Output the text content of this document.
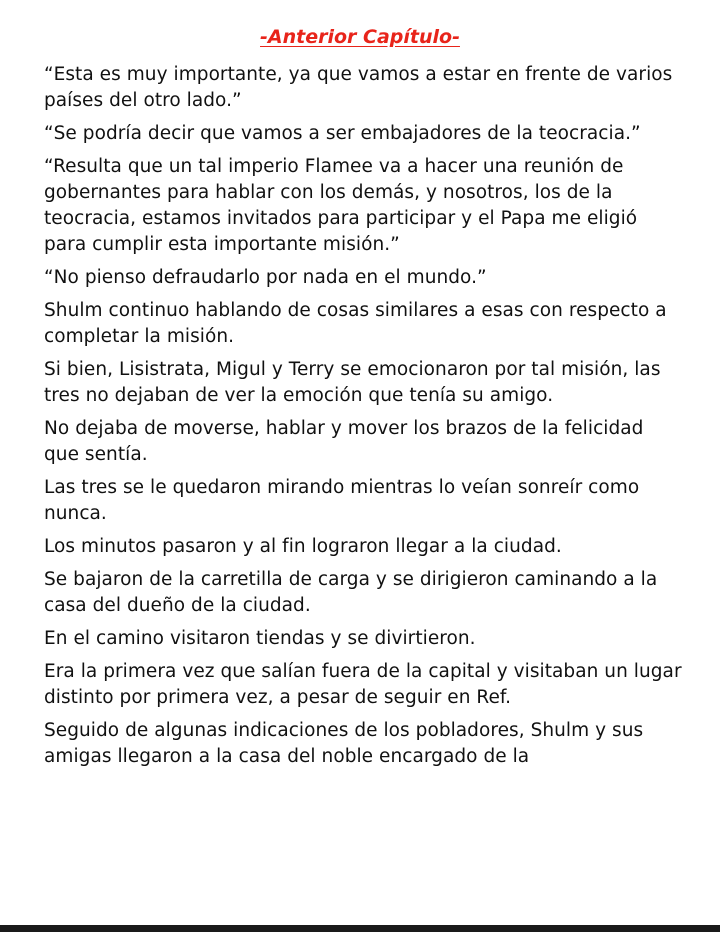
-Anterior Capítulo-

“Esta es muy importante, ya que vamos a estar en frente de varios países del otro lado.”

“Se podría decir que vamos a ser embajadores de la teocracia.”

“Resulta que un tal imperio Flamee va a hacer una reunión de gobernantes para hablar con los demás, y nosotros, los de la teocracia, estamos invitados para participar y el Papa me eligió para cumplir esta importante misión.”

“No pienso defraudarlo por nada en el mundo.”

Shulm continuo hablando de cosas similares a esas con respecto a completar la misión.

Si bien, Lisistrata, Migul y Terry se emocionaron por tal misión, las tres no dejaban de ver la emoción que tenía su amigo.

No dejaba de moverse, hablar y mover los brazos de la felicidad que sentía.

Las tres se le quedaron mirando mientras lo veían sonreír como nunca.

Los minutos pasaron y al fin lograron llegar a la ciudad.

Se bajaron de la carretilla de carga y se dirigieron caminando a la casa del dueño de la ciudad.

En el camino visitaron tiendas y se divirtieron.

Era la primera vez que salían fuera de la capital y visitaban un lugar distinto por primera vez, a pesar de seguir en Ref.

Seguido de algunas indicaciones de los pobladores, Shulm y sus amigas llegaron a la casa del noble encargado de la
